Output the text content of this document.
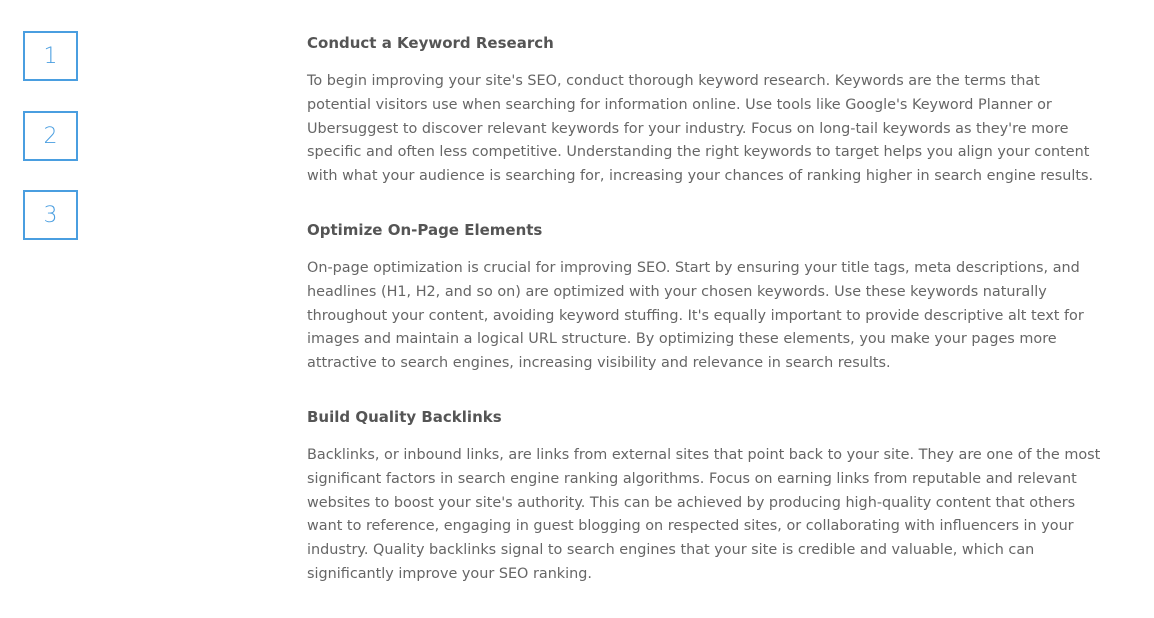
1
2
3
Conduct a Keyword Research

To begin improving your site's SEO, conduct thorough keyword research. Keywords are the terms that potential visitors use when searching for information online. Use tools like Google's Keyword Planner or Ubersuggest to discover relevant keywords for your industry. Focus on long-tail keywords as they're more specific and often less competitive. Understanding the right keywords to target helps you align your content with what your audience is searching for, increasing your chances of ranking higher in search engine results.

Optimize On-Page Elements

On-page optimization is crucial for improving SEO. Start by ensuring your title tags, meta descriptions, and headlines (H1, H2, and so on) are optimized with your chosen keywords. Use these keywords naturally throughout your content, avoiding keyword stuffing. It's equally important to provide descriptive alt text for images and maintain a logical URL structure. By optimizing these elements, you make your pages more attractive to search engines, increasing visibility and relevance in search results.

Build Quality Backlinks

Backlinks, or inbound links, are links from external sites that point back to your site. They are one of the most significant factors in search engine ranking algorithms. Focus on earning links from reputable and relevant websites to boost your site's authority. This can be achieved by producing high-quality content that others want to reference, engaging in guest blogging on respected sites, or collaborating with influencers in your industry. Quality backlinks signal to search engines that your site is credible and valuable, which can significantly improve your SEO ranking.
